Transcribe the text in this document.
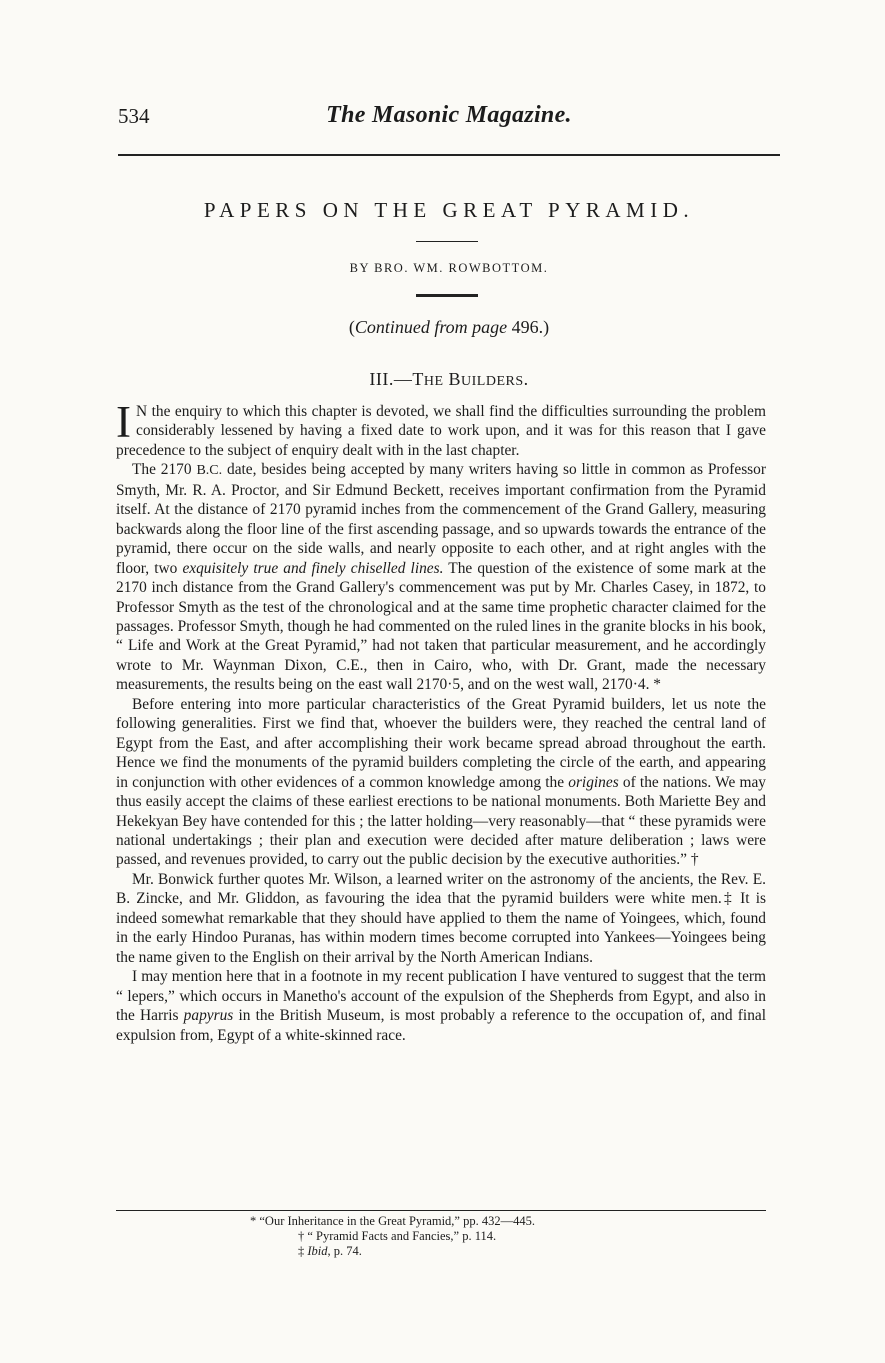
534	The Masonic Magazine.
PAPERS ON THE GREAT PYRAMID.
BY BRO. WM. ROWBOTTOM.
(Continued from page 496.)
III.—THE BUILDERS.

I N the enquiry to which this chapter is devoted, we shall find the difficulties surrounding the problem considerably lessened by having a fixed date to work upon, and it was for this reason that I gave precedence to the subject of enquiry dealt with in the last chapter.

The 2170 B.C. date, besides being accepted by many writers having so little in common as Professor Smyth, Mr. R. A. Proctor, and Sir Edmund Beckett, receives important confirmation from the Pyramid itself. At the distance of 2170 pyramid inches from the commencement of the Grand Gallery, measuring backwards along the floor line of the first ascending passage, and so upwards towards the entrance of the pyramid, there occur on the side walls, and nearly opposite to each other, and at right angles with the floor, two exquisitely true and finely chiselled lines. The question of the existence of some mark at the 2170 inch distance from the Grand Gallery's commencement was put by Mr. Charles Casey, in 1872, to Professor Smyth as the test of the chronological and at the same time prophetic character claimed for the passages. Professor Smyth, though he had commented on the ruled lines in the granite blocks in his book, “ Life and Work at the Great Pyramid,” had not taken that particular measurement, and he accordingly wrote to Mr. Waynman Dixon, C.E., then in Cairo, who, with Dr. Grant, made the necessary measurements, the results being on the east wall 2170·5, and on the west wall, 2170·4. *

Before entering into more particular characteristics of the Great Pyramid builders, let us note the following generalities. First we find that, whoever the builders were, they reached the central land of Egypt from the East, and after accomplishing their work became spread abroad throughout the earth. Hence we find the monuments of the pyramid builders completing the circle of the earth, and appearing in conjunction with other evidences of a common knowledge among the origines of the nations. We may thus easily accept the claims of these earliest erections to be national monuments. Both Mariette Bey and Hekekyan Bey have contended for this ; the latter holding—very reasonably—that “ these pyramids were national undertakings ; their plan and execution were decided after mature deliberation ; laws were passed, and revenues provided, to carry out the public decision by the executive authorities.” †

Mr. Bonwick further quotes Mr. Wilson, a learned writer on the astronomy of the ancients, the Rev. E. B. Zincke, and Mr. Gliddon, as favouring the idea that the pyramid builders were white men.‡ It is indeed somewhat remarkable that they should have applied to them the name of Yoingees, which, found in the early Hindoo Puranas, has within modern times become corrupted into Yankees—Yoingees being the name given to the English on their arrival by the North American Indians.

I may mention here that in a footnote in my recent publication I have ventured to suggest that the term “ lepers,” which occurs in Manetho's account of the expulsion of the Shepherds from Egypt, and also in the Harris papyrus in the British Museum, is most probably a reference to the occupation of, and final expulsion from, Egypt of a white-skinned race.

* “Our Inheritance in the Great Pyramid,” pp. 432—445.
† “ Pyramid Facts and Fancies,” p. 114.
‡ Ibid, p. 74.
